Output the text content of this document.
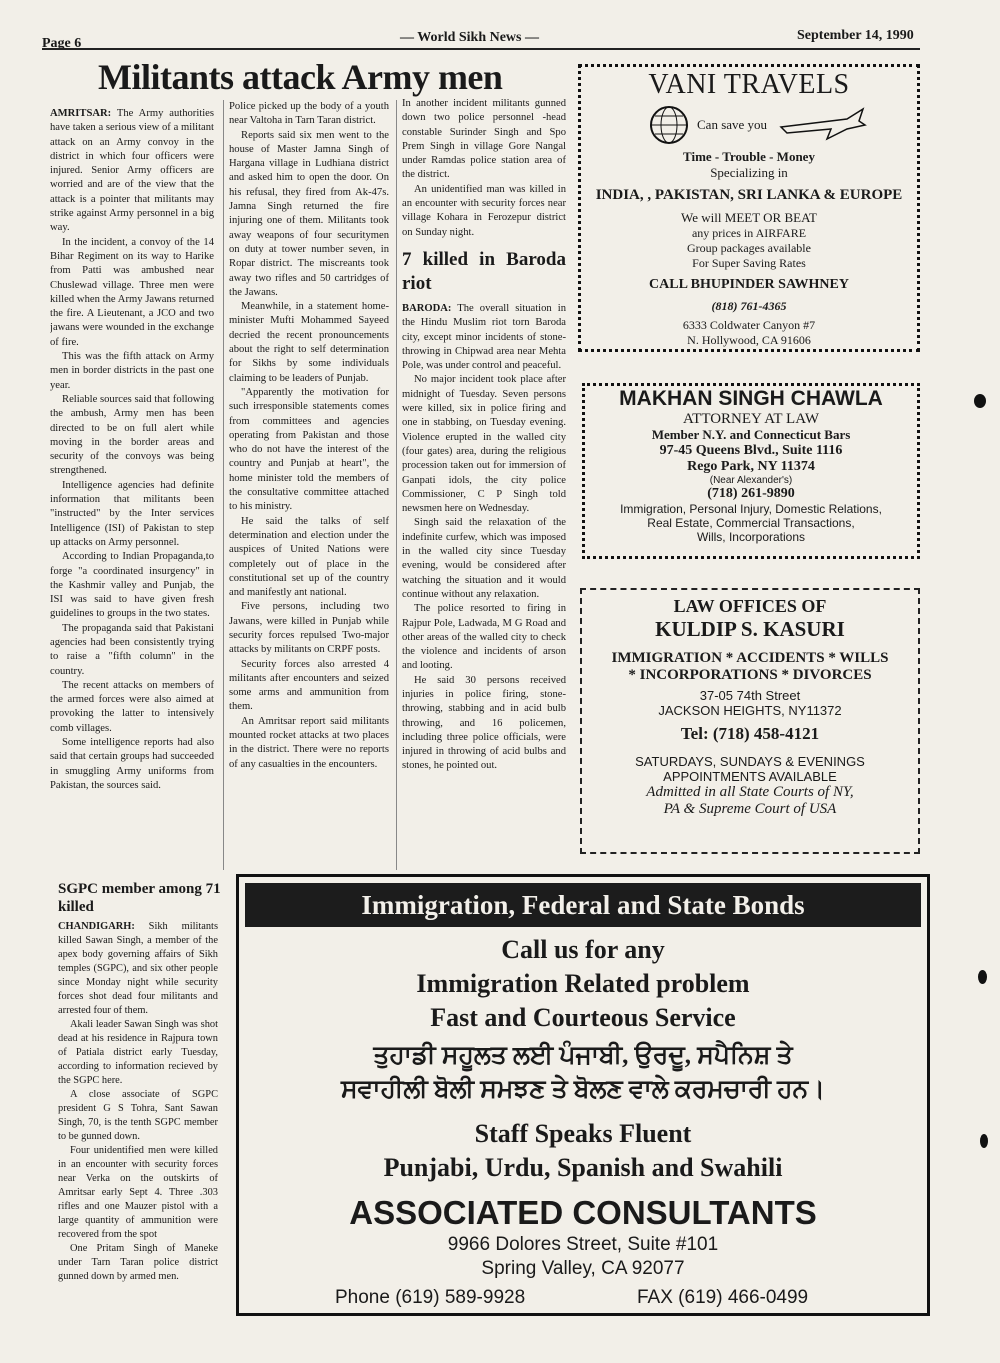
Page 6	— World Sikh News —	September 14, 1990
Militants attack Army men

AMRITSAR: The Army authorities have taken a serious view of a militant attack on an Army convoy in the district in which four officers were injured. Senior Army officers are worried and are of the view that the attack is a pointer that militants may strike against Army personnel in a big way.

In the incident, a convoy of the 14 Bihar Regiment on its way to Harike from Patti was ambushed near Chuslewad village. Three men were killed when the Army Jawans returned the fire. A Lieutenant, a JCO and two jawans were wounded in the exchange of fire.

This was the fifth attack on Army men in border districts in the past one year.

Reliable sources said that following the ambush, Army men has been directed to be on full alert while moving in the border areas and security of the convoys was being strengthened.

Intelligence agencies had definite information that militants been "instructed" by the Inter services Intelligence (ISI) of Pakistan to step up attacks on Army personnel.

According to Indian Propaganda,to forge "a coordinated insurgency" in the Kashmir valley and Punjab, the ISI was said to have given fresh guidelines to groups in the two states.

The propaganda said that Pakistani agencies had been consistently trying to raise a "fifth column" in the country.

The recent attacks on members of the armed forces were also aimed at provoking the latter to intensively comb villages.

Some intelligence reports had also said that certain groups had succeeded in smuggling Army uniforms from Pakistan, the sources said.

Police picked up the body of a youth near Valtoha in Tarn Taran district.

Reports said six men went to the house of Master Jamna Singh of Hargana village in Ludhiana district and asked him to open the door. On his refusal, they fired from Ak-47s. Jamna Singh returned the fire injuring one of them. Militants took away weapons of four securitymen on duty at tower number seven, in Ropar district. The miscreants took away two rifles and 50 cartridges of the Jawans.

Meanwhile, in a statement home-minister Mufti Mohammed Sayeed decried the recent pronouncements about the right to self determination for Sikhs by some individuals claiming to be leaders of Punjab.

"Apparently the motivation for such irresponsible statements comes from committees and agencies operating from Pakistan and those who do not have the interest of the country and Punjab at heart", the home minister told the members of the consultative committee attached to his ministry.

He said the talks of self determination and election under the auspices of United Nations were completely out of place in the constitutional set up of the country and manifestly ant national.

Five persons, including two Jawans, were killed in Punjab while security forces repulsed Two-major attacks by militants on CRPF posts.

Security forces also arrested 4 militants after encounters and seized some arms and ammunition from them.

An Amritsar report said militants mounted rocket attacks at two places in the district. There were no reports of any casualties in the encounters.

In another incident militants gunned down two police personnel -head constable Surinder Singh and Spo Prem Singh in village Gore Nangal under Ramdas police station area of the district.

An unidentified man was killed in an encounter with security forces near village Kohara in Ferozepur district on Sunday night.

7 killed in Baroda riot

BARODA: The overall situation in the Hindu Muslim riot torn Baroda city, except minor incidents of stone-throwing in Chipwad area near Mehta Pole, was under control and peaceful.

No major incident took place after midnight of Tuesday. Seven persons were killed, six in police firing and one in stabbing, on Tuesday evening. Violence erupted in the walled city (four gates) area, during the religious procession taken out for immersion of Ganpati idols, the city police Commissioner, C P Singh told newsmen here on Wednesday.

Singh said the relaxation of the indefinite curfew, which was imposed in the walled city since Tuesday evening, would be considered after watching the situation and it would continue without any relaxation.

The police resorted to firing in Rajpur Pole, Ladwada, M G Road and other areas of the walled city to check the violence and incidents of arson and looting.

He said 30 persons received injuries in police firing, stone-throwing, stabbing and in acid bulb throwing, and 16 policemen, including three police officials, were injured in throwing of acid bulbs and stones, he pointed out.

SGPC member among 71 killed

CHANDIGARH: Sikh militants killed Sawan Singh, a member of the apex body governing affairs of Sikh temples (SGPC), and six other people since Monday night while security forces shot dead four militants and arrested four of them.

Akali leader Sawan Singh was shot dead at his residence in Rajpura town of Patiala district early Tuesday, according to information recieved by the SGPC here.

A close associate of SGPC president G S Tohra, Sant Sawan Singh, 70, is the tenth SGPC member to be gunned down.

Four unidentified men were killed in an encounter with security forces near Verka on the outskirts of Amritsar early Sept 4. Three .303 rifles and one Mauzer pistol with a large quantity of ammunition were recovered from the spot

One Pritam Singh of Maneke under Tarn Taran police district gunned down by armed men.

VANI TRAVELS
Can save you
Time - Trouble - Money
Specializing in
INDIA, , PAKISTAN, SRI LANKA & EUROPE
We will MEET OR BEAT
any prices in AIRFARE
Group packages available
For Super Saving Rates
CALL BHUPINDER SAWHNEY
(818) 761-4365
6333 Coldwater Canyon #7
N. Hollywood, CA 91606
MAKHAN SINGH CHAWLA
ATTORNEY AT LAW
Member N.Y. and Connecticut Bars
97-45 Queens Blvd., Suite 1116
Rego Park, NY 11374
(Near Alexander's)
(718) 261-9890
Immigration, Personal Injury, Domestic Relations,
Real Estate, Commercial Transactions,
Wills, Incorporations
LAW OFFICES OF
KULDIP S. KASURI
IMMIGRATION * ACCIDENTS * WILLS
* INCORPORATIONS * DIVORCES
37-05 74th Street
JACKSON HEIGHTS, NY11372
Tel: (718) 458-4121
SATURDAYS, SUNDAYS & EVENINGS
APPOINTMENTS AVAILABLE
Admitted in all State Courts of NY,
PA & Supreme Court of USA
Immigration, Federal and State Bonds
Call us for any
Immigration Related problem
Fast and Courteous Service
ਤੁਹਾਡੀ ਸਹੂਲਤ ਲਈ ਪੰਜਾਬੀ, ਉਰਦੂ, ਸਪੈਨਿਸ਼ ਤੇ
ਸਵਾਹੀਲੀ ਬੋਲੀ ਸਮਝਣ ਤੇ ਬੋਲਣ ਵਾਲੇ ਕਰਮਚਾਰੀ ਹਨ।
Staff Speaks Fluent
Punjabi, Urdu, Spanish and Swahili
ASSOCIATED CONSULTANTS
9966 Dolores Street, Suite #101
Spring Valley, CA 92077
Phone (619) 589-9928	FAX (619) 466-0499
